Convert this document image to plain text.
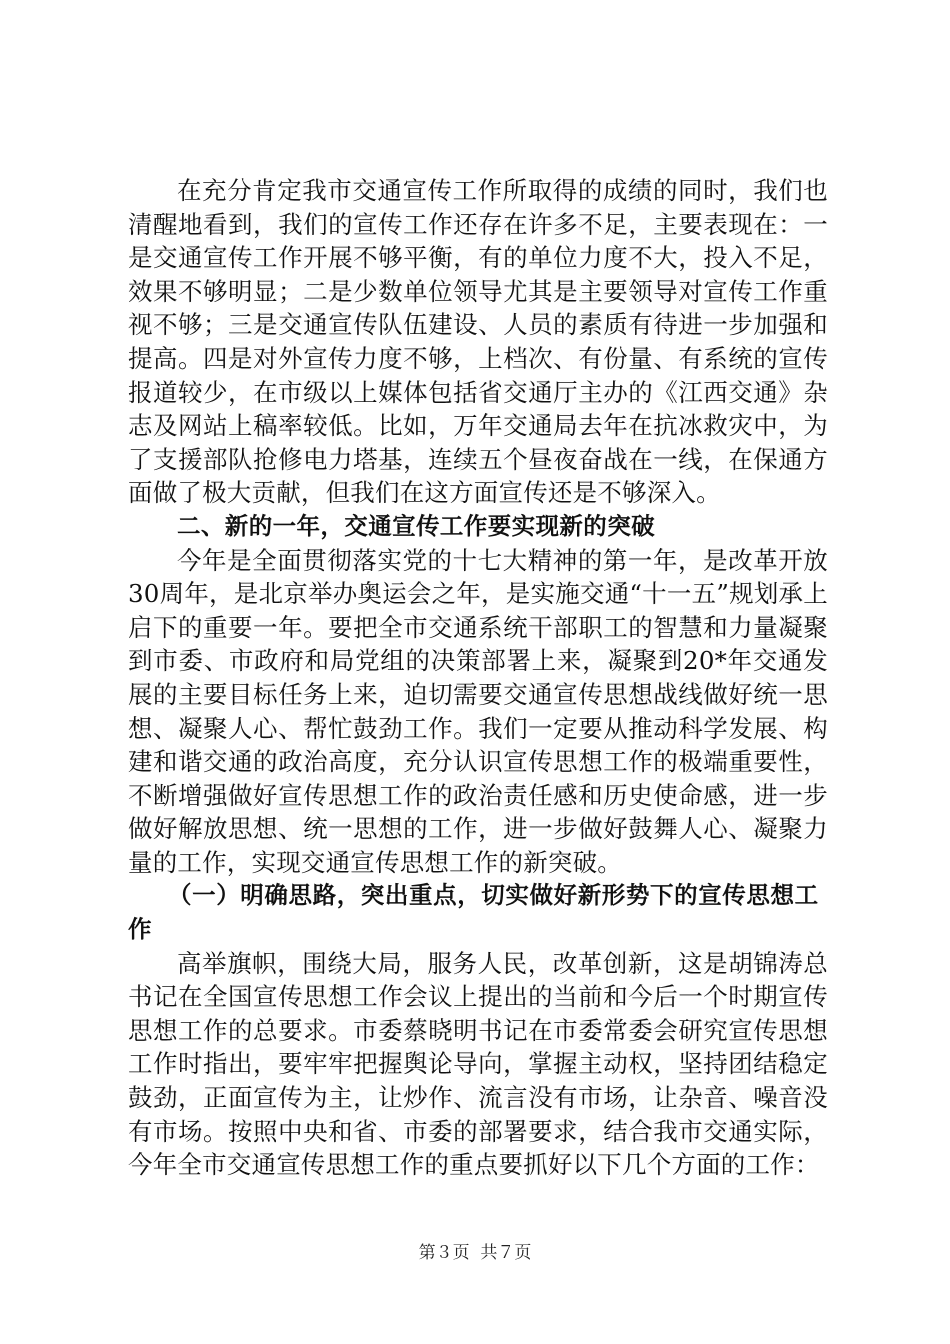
在充分肯定我市交通宣传工作所取得的成绩的同时，我们也清醒地看到，我们的宣传工作还存在许多不足，主要表现在：一是交通宣传工作开展不够平衡，有的单位力度不大，投入不足，效果不够明显；二是少数单位领导尤其是主要领导对宣传工作重视不够；三是交通宣传队伍建设、人员的素质有待进一步加强和提高。四是对外宣传力度不够，上档次、有份量、有系统的宣传报道较少，在市级以上媒体包括省交通厅主办的《江西交通》杂志及网站上稿率较低。比如，万年交通局去年在抗冰救灾中，为了支援部队抢修电力塔基，连续五个昼夜奋战在一线，在保通方面做了极大贡献，但我们在这方面宣传还是不够深入。

二、新的一年，交通宣传工作要实现新的突破

今年是全面贯彻落实党的十七大精神的第一年，是改革开放30周年，是北京举办奥运会之年，是实施交通“十一五”规划承上启下的重要一年。要把全市交通系统干部职工的智慧和力量凝聚到市委、市政府和局党组的决策部署上来，凝聚到20*年交通发展的主要目标任务上来，迫切需要交通宣传思想战线做好统一思想、凝聚人心、帮忙鼓劲工作。我们一定要从推动科学发展、构建和谐交通的政治高度，充分认识宣传思想工作的极端重要性，不断增强做好宣传思想工作的政治责任感和历史使命感，进一步做好解放思想、统一思想的工作，进一步做好鼓舞人心、凝聚力量的工作，实现交通宣传思想工作的新突破。

（一）明确思路，突出重点，切实做好新形势下的宣传思想工作

高举旗帜，围绕大局，服务人民，改革创新，这是胡锦涛总书记在全国宣传思想工作会议上提出的当前和今后一个时期宣传思想工作的总要求。市委蔡晓明书记在市委常委会研究宣传思想工作时指出，要牢牢把握舆论导向，掌握主动权，坚持团结稳定鼓劲，正面宣传为主，让炒作、流言没有市场，让杂音、噪音没有市场。按照中央和省、市委的部署要求，结合我市交通实际，今年全市交通宣传思想工作的重点要抓好以下几个方面的工作：

第３页  共７页
